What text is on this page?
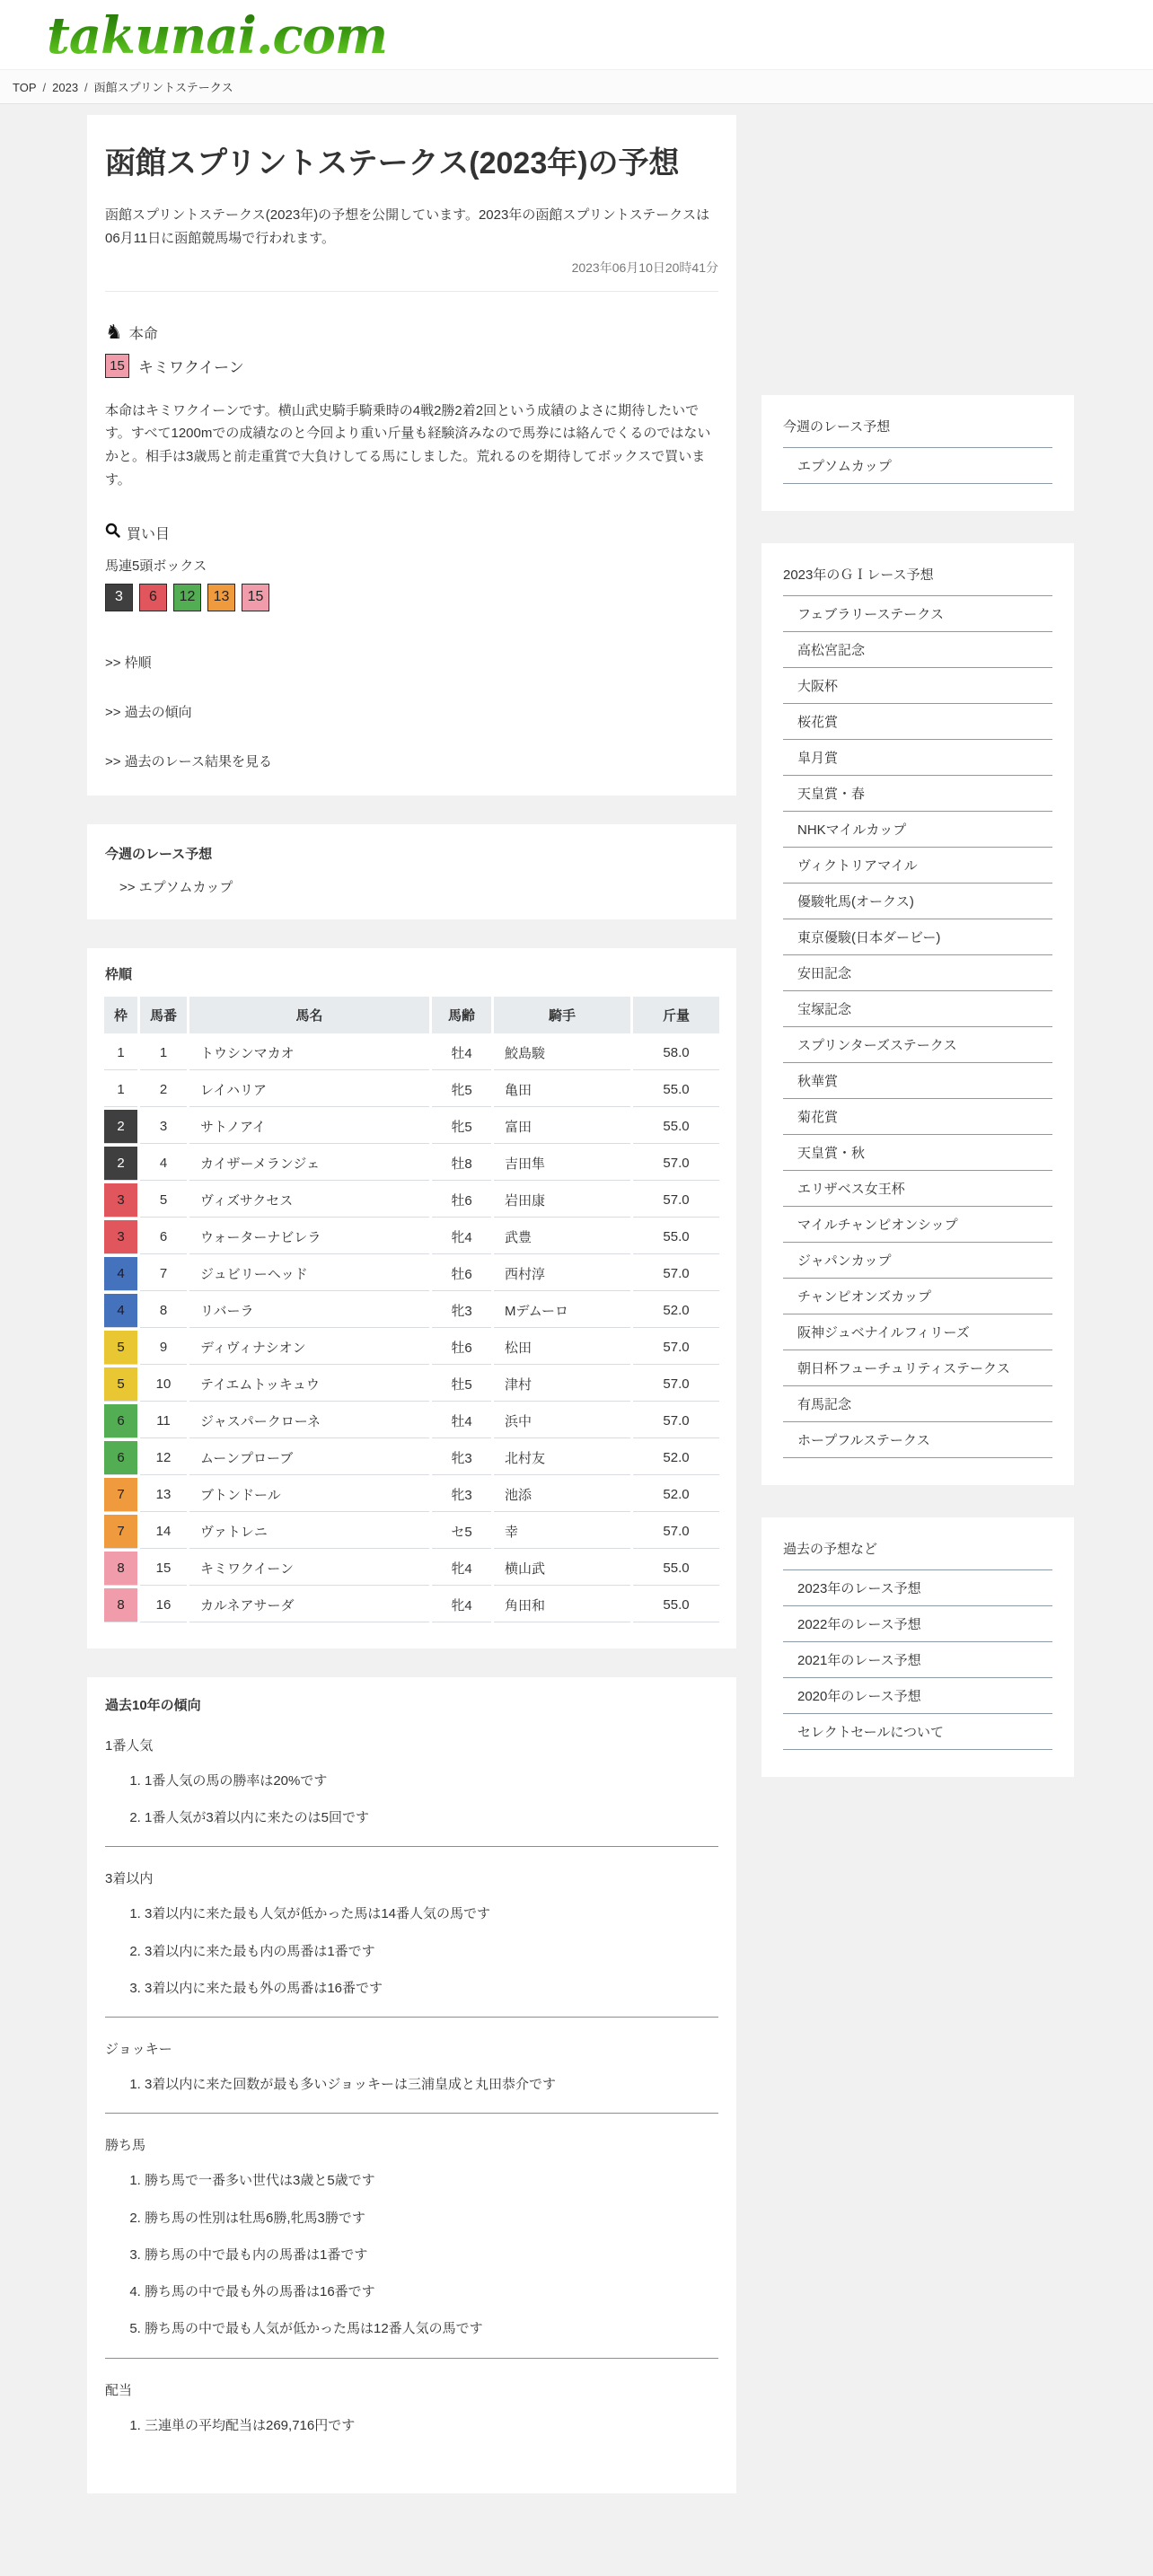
takunai.com
TOP / 2023 / 函館スプリントステークス
函館スプリントステークス(2023年)の予想

函館スプリントステークス(2023年)の予想を公開しています。2023年の函館スプリントステークスは06月11日に函館競馬場で行われます。

2023年06月10日20時41分
♞ 本命
15 キミワクイーン

本命はキミワクイーンです。横山武史騎手騎乗時の4戦2勝2着2回という成績のよさに期待したいです。すべて1200mでの成績なのと今回より重い斤量も経験済みなので馬券には絡んでくるのではないかと。相手は3歳馬と前走重賞で大負けしてる馬にしました。荒れるのを期待してボックスで買います。

買い目
馬連5頭ボックス
3	6	12	13	15
>> 枠順
>> 過去の傾向
>> 過去のレース結果を見る
今週のレース予想
>> エプソムカップ
枠順
枠	馬番	馬名	馬齢	騎手	斤量
1	1	トウシンマカオ	牡4	鮫島駿	58.0
1	2	レイハリア	牝5	亀田	55.0
2	3	サトノアイ	牝5	富田	55.0
2	4	カイザーメランジェ	牡8	吉田隼	57.0
3	5	ヴィズサクセス	牡6	岩田康	57.0
3	6	ウォーターナビレラ	牝4	武豊	55.0
4	7	ジュビリーヘッド	牡6	西村淳	57.0
4	8	リバーラ	牝3	Mデムーロ	52.0
5	9	ディヴィナシオン	牡6	松田	57.0
5	10	テイエムトッキュウ	牡5	津村	57.0
6	11	ジャスパークローネ	牡4	浜中	57.0
6	12	ムーンプローブ	牝3	北村友	52.0
7	13	ブトンドール	牝3	池添	52.0
7	14	ヴァトレニ	セ5	幸	57.0
8	15	キミワクイーン	牝4	横山武	55.0
8	16	カルネアサーダ	牝4	角田和	55.0
過去10年の傾向
1番人気
1. 1番人気の馬の勝率は20%です
2. 1番人気が3着以内に来たのは5回です
3着以内
1. 3着以内に来た最も人気が低かった馬は14番人気の馬です
2. 3着以内に来た最も内の馬番は1番です
3. 3着以内に来た最も外の馬番は16番です
ジョッキー
1. 3着以内に来た回数が最も多いジョッキーは三浦皇成と丸田恭介です
勝ち馬
1. 勝ち馬で一番多い世代は3歳と5歳です
2. 勝ち馬の性別は牡馬6勝,牝馬3勝です
3. 勝ち馬の中で最も内の馬番は1番です
4. 勝ち馬の中で最も外の馬番は16番です
5. 勝ち馬の中で最も人気が低かった馬は12番人気の馬です
配当
1. 三連単の平均配当は269,716円です
今週のレース予想
エプソムカップ
2023年のＧＩレース予想
フェブラリーステークス
高松宮記念
大阪杯
桜花賞
皐月賞
天皇賞・春
NHKマイルカップ
ヴィクトリアマイル
優駿牝馬(オークス)
東京優駿(日本ダービー)
安田記念
宝塚記念
スプリンターズステークス
秋華賞
菊花賞
天皇賞・秋
エリザベス女王杯
マイルチャンピオンシップ
ジャパンカップ
チャンピオンズカップ
阪神ジュベナイルフィリーズ
朝日杯フューチュリティステークス
有馬記念
ホープフルステークス
過去の予想など
2023年のレース予想
2022年のレース予想
2021年のレース予想
2020年のレース予想
セレクトセールについて
